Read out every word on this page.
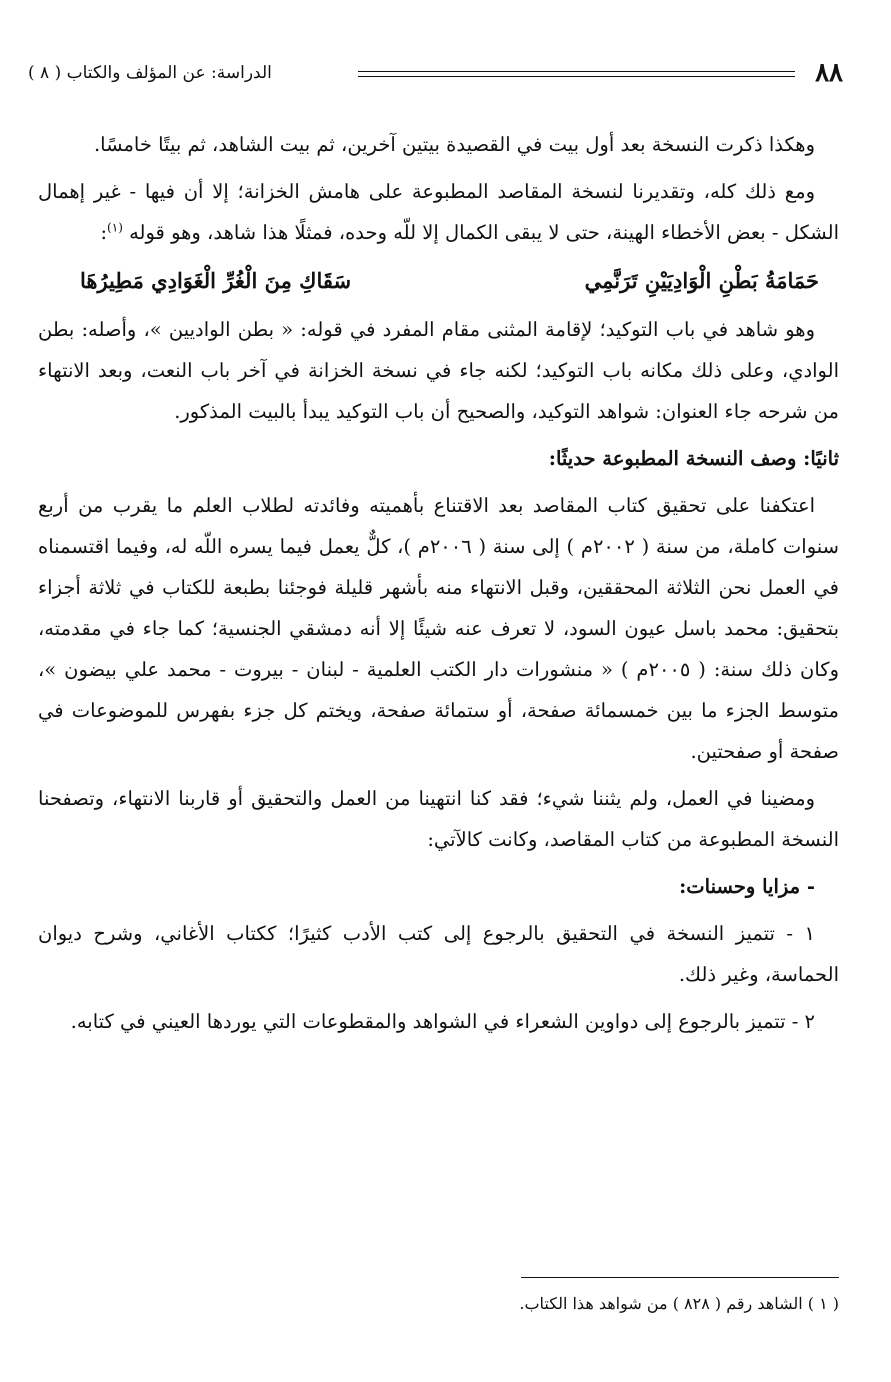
٨٨
الدراسة: عن المؤلف والكتاب ( ٨ )

وهكذا ذكرت النسخة بعد أول بيت في القصيدة بيتين آخرين، ثم بيت الشاهد، ثم بيتًا خامسًا.

ومع ذلك كله، وتقديرنا لنسخة المقاصد المطبوعة على هامش الخزانة؛ إلا أن فيها - غير إهمال الشكل - بعض الأخطاء الهينة، حتى لا يبقى الكمال إلا للّه وحده، فمثلًا هذا شاهد، وهو قوله $^{(١)}$:

حَمَامَةُ بَطْنِ الْوَادِيَيْنِ تَرَنَّمِي
سَقَاكِ مِنَ الْغُرِّ الْغَوَادِي مَطِيرُهَا

وهو شاهد في باب التوكيد؛ لإقامة المثنى مقام المفرد في قوله: « بطن الواديين »، وأصله: بطن الوادي، وعلى ذلك مكانه باب التوكيد؛ لكنه جاء في نسخة الخزانة في آخر باب النعت، وبعد الانتهاء من شرحه جاء العنوان: شواهد التوكيد، والصحيح أن باب التوكيد يبدأ بالبيت المذكور.

ثانيًا: وصف النسخة المطبوعة حديثًا:

اعتكفنا على تحقيق كتاب المقاصد بعد الاقتناع بأهميته وفائدته لطلاب العلم ما يقرب من أربع سنوات كاملة، من سنة ( ٢٠٠٢م ) إلى سنة ( ٢٠٠٦م )، كلٌّ يعمل فيما يسره اللّه له، وفيما اقتسمناه في العمل نحن الثلاثة المحققين، وقبل الانتهاء منه بأشهر قليلة فوجئنا بطبعة للكتاب في ثلاثة أجزاء بتحقيق: محمد باسل عيون السود، لا تعرف عنه شيئًا إلا أنه دمشقي الجنسية؛ كما جاء في مقدمته، وكان ذلك سنة: ( ٢٠٠٥م ) « منشورات دار الكتب العلمية - لبنان - بيروت - محمد علي بيضون »، متوسط الجزء ما بين خمسمائة صفحة، أو ستمائة صفحة، ويختم كل جزء بفهرس للموضوعات في صفحة أو صفحتين.

ومضينا في العمل، ولم يثننا شيء؛ فقد كنا انتهينا من العمل والتحقيق أو قاربنا الانتهاء، وتصفحنا النسخة المطبوعة من كتاب المقاصد، وكانت كالآتي:

- مزايا وحسنات:

١ - تتميز النسخة في التحقيق بالرجوع إلى كتب الأدب كثيرًا؛ ككتاب الأغاني، وشرح ديوان الحماسة، وغير ذلك.

٢ - تتميز بالرجوع إلى دواوين الشعراء في الشواهد والمقطوعات التي يوردها العيني في كتابه.

( ١ ) الشاهد رقم ( ٨٢٨ ) من شواهد هذا الكتاب.
